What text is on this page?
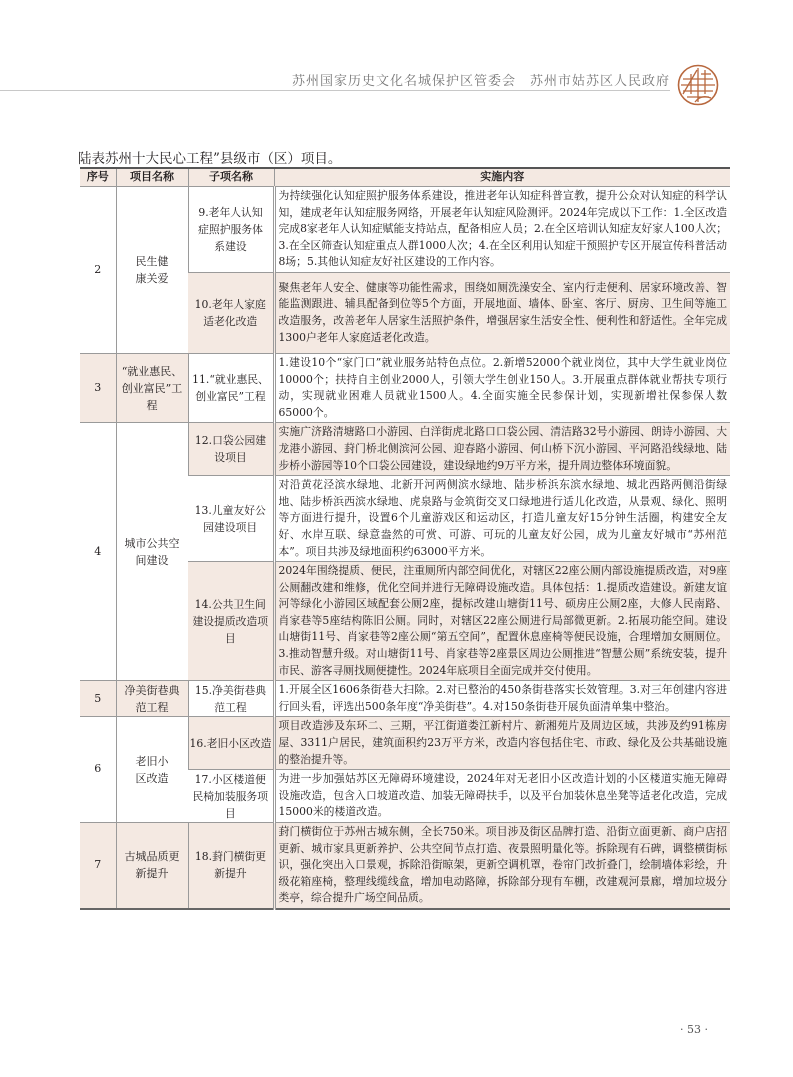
苏州国家历史文化名城保护区管委会 苏州市姑苏区人民政府
陆表苏州十大民心工程”县级市（区）项目。
序号	项目名称	子项名称	实施内容
2	民生健康关爱	9.老年人认知症照护服务体系建设	为持续强化认知症照护服务体系建设，推进老年认知症科普宣教，提升公众对认知症的科学认知，建成老年认知症服务网络，开展老年认知症风险测评。2024年完成以下工作：1.全区改造完成8家老年人认知症赋能支持站点，配备相应人员；2.在全区培训认知症友好家人100人次；3.在全区筛查认知症重点人群1000人次；4.在全区利用认知症干预照护专区开展宣传科普活动8场；5.其他认知症友好社区建设的工作内容。
		10.老年人家庭适老化改造	聚焦老年人安全、健康等功能性需求，围绕如厕洗澡安全、室内行走便利、居家环境改善、智能监测跟进、辅具配备到位等5个方面，开展地面、墙体、卧室、客厅、厨房、卫生间等施工改造服务，改善老年人居家生活照护条件，增强居家生活安全性、便利性和舒适性。全年完成1300户老年人家庭适老化改造。
3	“就业惠民、创业富民”工程	11.“就业惠民、创业富民”工程	1.建设10个“家门口”就业服务站特色点位。2.新增52000个就业岗位，其中大学生就业岗位10000个；扶持自主创业2000人，引领大学生创业150人。3.开展重点群体就业帮扶专项行动，实现就业困难人员就业1500人。4.全面实施全民参保计划，实现新增社保参保人数65000个。
4	城市公共空间建设	12.口袋公园建设项目	实施广济路清塘路口小游园、白洋街虎北路口口袋公园、清洁路32号小游园、朗诗小游园、大龙港小游园、葑门桥北侧滨河公园、迎春路小游园、何山桥下沉小游园、平河路沿线绿地、陆步桥小游园等10个口袋公园建设，建设绿地约9万平方米，提升周边整体环境面貌。
		13.儿童友好公园建设项目	对沿黄花泾滨水绿地、北新开河两侧滨水绿地、陆步桥浜东滨水绿地、城北西路两侧沿街绿地、陆步桥浜西滨水绿地、虎泉路与金筑街交叉口绿地进行适儿化改造，从景观、绿化、照明等方面进行提升，设置6个儿童游戏区和运动区，打造儿童友好15分钟生活圈，构建安全友好、水岸互联、绿意盎然的可赏、可游、可玩的儿童友好公园，成为儿童友好城市“苏州范本”。项目共涉及绿地面积约63000平方米。
		14.公共卫生间建设提质改造项目	2024年围绕提质、便民，注重厕所内部空间优化，对辖区22座公厕内部设施提质改造，对9座公厕翻改建和维修，优化空间并进行无障碍设施改造。具体包括：1.提质改造建设。新建友谊河等绿化小游园区域配套公厕2座，提标改建山塘街11号、硕房庄公厕2座，大修人民南路、肖家巷等5座结构陈旧公厕。同时，对辖区22座公厕进行局部微更新。2.拓展功能空间。建设山塘街11号、肖家巷等2座公厕“第五空间”，配置休息座椅等便民设施，合理增加女厕厕位。3.推动智慧升级。对山塘街11号、肖家巷等2座景区周边公厕推进“智慧公厕”系统安装，提升市民、游客寻厕找厕便捷性。2024年底项目全面完成并交付使用。
5	净美街巷典范工程	15.净美街巷典范工程	1.开展全区1606条街巷大扫除。2.对已整治的450条街巷落实长效管理。3.对三年创建内容进行回头看，评选出500条年度“净美街巷”。4.对150条街巷开展负面清单集中整治。
6	老旧小区改造	16.老旧小区改造	项目改造涉及东环二、三期，平江街道娄江新村片、新湘苑片及周边区域，共涉及约91栋房屋、3311户居民，建筑面积约23万平方米，改造内容包括住宅、市政、绿化及公共基础设施的整治提升等。
		17.小区楼道便民椅加装服务项目	为进一步加强姑苏区无障碍环境建设，2024年对无老旧小区改造计划的小区楼道实施无障碍设施改造，包含入口坡道改造、加装无障碍扶手，以及平台加装休息坐凳等适老化改造，完成15000米的楼道改造。
7	古城品质更新提升	18.葑门横街更新提升	葑门横街位于苏州古城东侧，全长750米。项目涉及街区品牌打造、沿街立面更新、商户店招更新、城市家具更新养护、公共空间节点打造、夜景照明量化等。拆除现有石碑，调整横街标识，强化突出入口景观，拆除沿街晾架，更新空调机罩，卷帘门改折叠门，绘制墙体彩绘，升级花箱座椅，整理线缆线盒，增加电动路障，拆除部分现有车棚，改建观河景廊，增加垃圾分类亭，综合提升广场空间品质。
· 53 ·
